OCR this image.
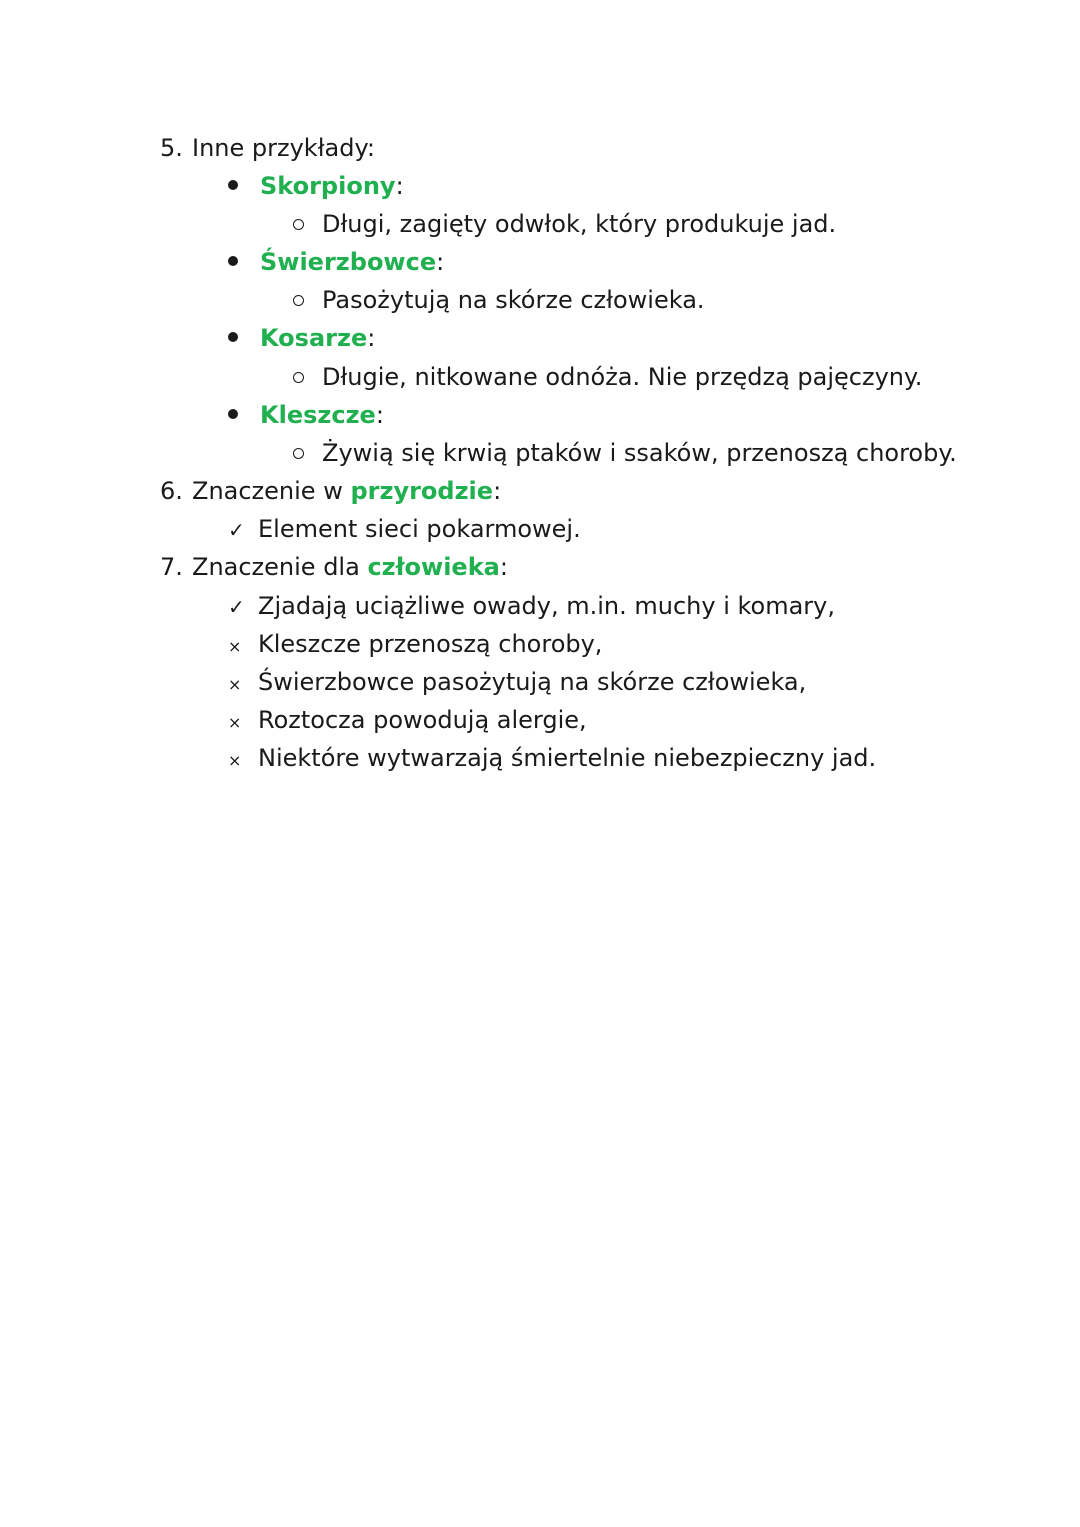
5. Inne przykłady:
Skorpiony:
Długi, zagięty odwłok, który produkuje jad.
Świerzbowce:
Pasożytują na skórze człowieka.
Kosarze:
Długie, nitkowane odnóża. Nie przędzą pajęczyny.
Kleszcze:
Żywią się krwią ptaków i ssaków, przenoszą choroby.
6. Znaczenie w przyrodzie:
✓ Element sieci pokarmowej.
7. Znaczenie dla człowieka:
✓ Zjadają uciążliwe owady, m.in. muchy i komary,
× Kleszcze przenoszą choroby,
× Świerzbowce pasożytują na skórze człowieka,
× Roztocza powodują alergie,
× Niektóre wytwarzają śmiertelnie niebezpieczny jad.
